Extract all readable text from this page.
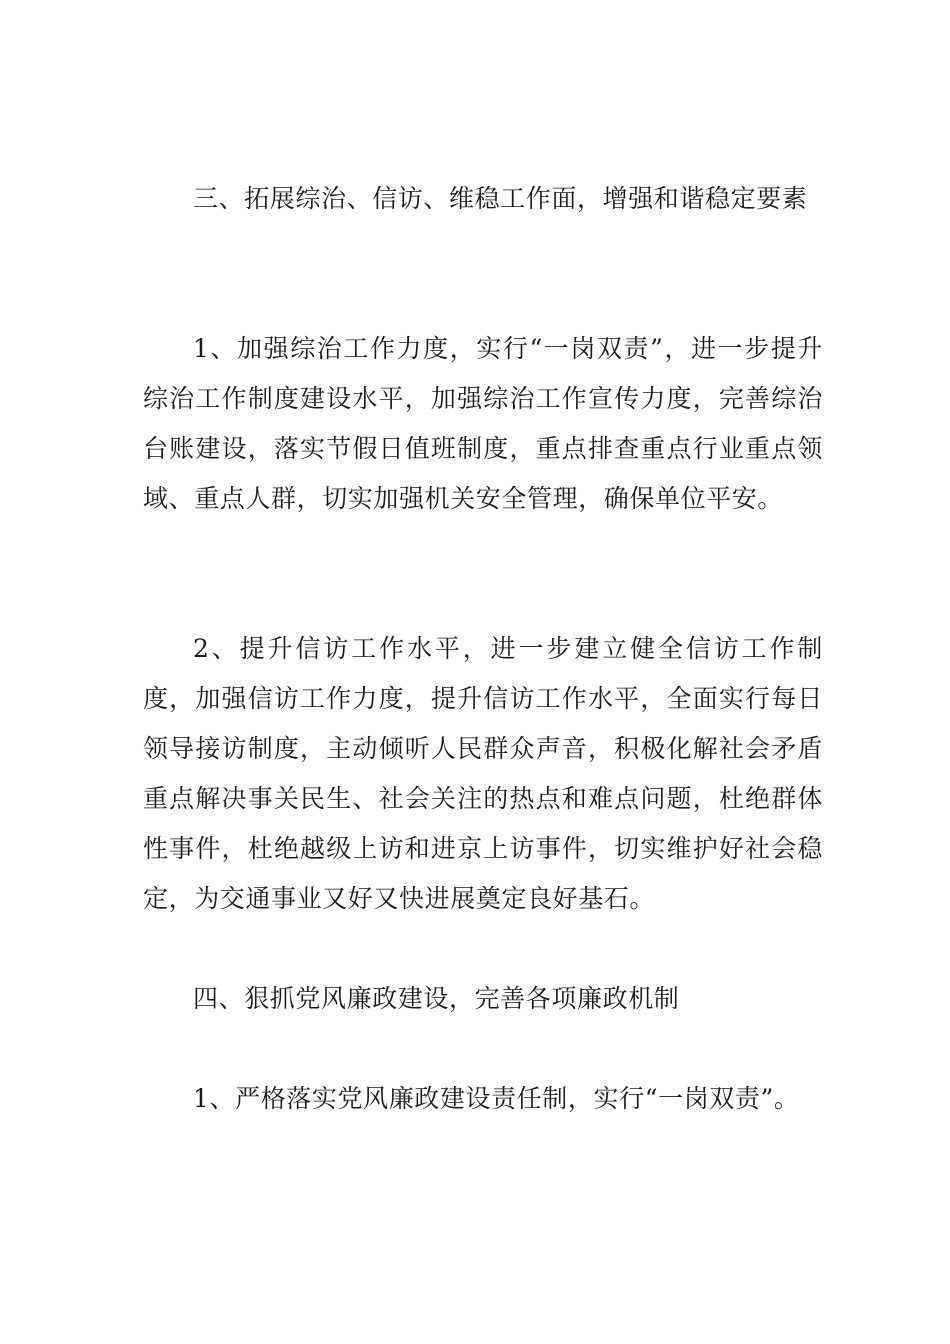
三、拓展综治、信访、维稳工作面，增强和谐稳定要素

1、加强综治工作力度，实行“一岗双责”，进一步提升综治工作制度建设水平，加强综治工作宣传力度，完善综治台账建设，落实节假日值班制度，重点排查重点行业重点领域、重点人群，切实加强机关安全管理，确保单位平安。

2、提升信访工作水平，进一步建立健全信访工作制度，加强信访工作力度，提升信访工作水平，全面实行每日领导接访制度，主动倾听人民群众声音，积极化解社会矛盾重点解决事关民生、社会关注的热点和难点问题，杜绝群体性事件，杜绝越级上访和进京上访事件，切实维护好社会稳定，为交通事业又好又快进展奠定良好基石。

四、狠抓党风廉政建设，完善各项廉政机制

1、严格落实党风廉政建设责任制，实行“一岗双责”。
